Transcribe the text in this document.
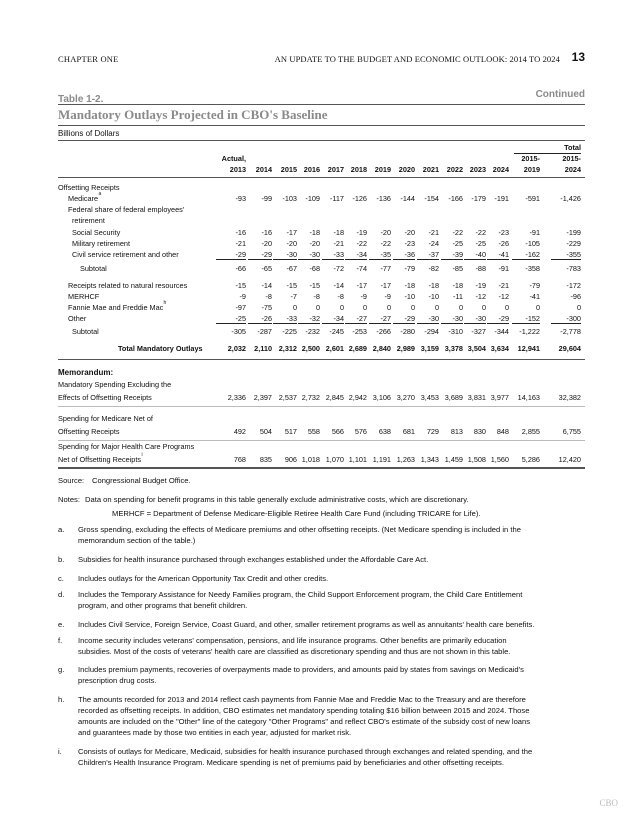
CHAPTER ONE	AN UPDATE TO THE BUDGET AND ECONOMIC OUTLOOK: 2014 TO 2024 13
Table 1-2.	Continued
Mandatory Outlays Projected in CBO's Baseline
Billions of Dollars
Total
Actual,	2015-	2015-
2013	2014	2015 2016	2017 2018	2019	2020	2021	2022 2023 2024	2019	2024
Offsetting Receipts
Medicare a	-93	-99	-103	-109	-117	-126	-136	-144	-154	-166	-179	-191	-591	-1,426
Federal share of federal employees'
retirement
Social Security	-16	-16	-17	-18	-18	-19	-20	-20	-21	-22	-22	-23	-91	-199
Military retirement	-21	-20	-20	-20	-21	-22	-22	-23	-24	-25	-25	-26	-105	-229
Civil service retirement and other	-29	-29	-30	-30	-33	-34	-35	-36	-37	-39	-40	-41	-162	-355
Subtotal	-66	-65	-67	-68	-72	-74	-77	-79	-82	-85	-88	-91	-358	-783
Receipts related to natural resources	-15	-14	-15	-15	-14	-17	-17	-18	-18	-18	-19	-21	-79	-172
MERHCF	-9	-8	-7	-8	-8	-9	-9	-10	-10	-11	-12	-12	-41	-96
Fannie Mae and Freddie Mac h	-97	-75	0	0	0	0	0	0	0	0	0	0	0	0
Other	-25	-26	-33	-32	-34	-27	-27	-29	-30	-30	-30	-29	-152	-300
Subtotal	-305	-287	-225	-232	-245	-253	-266	-280	-294	-310	-327	-344	-1,222	-2,778
Total Mandatory Outlays	2,032	2,110 2,312 2,500 2,601 2,689 2,840 2,989 3,159 3,378 3,504 3,634	12,941	29,604
Memorandum:
Mandatory Spending Excluding the
Effects of Offsetting Receipts	2,336	2,397 2,537 2,732 2,845 2,942 3,106 3,270 3,453 3,689 3,831 3,977	14,163	32,382
Spending for Medicare Net of
Offsetting Receipts	492	504	517	558	566	576	638	681	729	813	830	848	2,855	6,755
Spending for Major Health Care Programs
Net of Offsetting Receipts i	768	835	906 1,018 1,070 1,101 1,191 1,263 1,343 1,459 1,508 1,560	5,286	12,420
Source: Congressional Budget Office.
Notes: Data on spending for benefit programs in this table generally exclude administrative costs, which are discretionary.
MERHCF = Department of Defense Medicare-Eligible Retiree Health Care Fund (including TRICARE for Life).
a. Gross spending, excluding the effects of Medicare premiums and other offsetting receipts. (Net Medicare spending is included in the
memorandum section of the table.)
b. Subsidies for health insurance purchased through exchanges established under the Affordable Care Act.
c. Includes outlays for the American Opportunity Tax Credit and other credits.
d. Includes the Temporary Assistance for Needy Families program, the Child Support Enforcement program, the Child Care Entitlement
program, and other programs that benefit children.
e. Includes Civil Service, Foreign Service, Coast Guard, and other, smaller retirement programs as well as annuitants' health care benefits.
f. Income security includes veterans' compensation, pensions, and life insurance programs. Other benefits are primarily education
subsidies. Most of the costs of veterans' health care are classified as discretionary spending and thus are not shown in this table.
g. Includes premium payments, recoveries of overpayments made to providers, and amounts paid by states from savings on Medicaid's
prescription drug costs.
h. The amounts recorded for 2013 and 2014 reflect cash payments from Fannie Mae and Freddie Mac to the Treasury and are therefore
recorded as offsetting receipts. In addition, CBO estimates net mandatory spending totaling $16 billion between 2015 and 2024. Those
amounts are included on the "Other" line of the category "Other Programs" and reflect CBO's estimate of the subsidy cost of new loans
and guarantees made by those two entities in each year, adjusted for market risk.
i. Consists of outlays for Medicare, Medicaid, subsidies for health insurance purchased through exchanges and related spending, and the
Children's Health Insurance Program. Medicare spending is net of premiums paid by beneficiaries and other offsetting receipts.
CBO
